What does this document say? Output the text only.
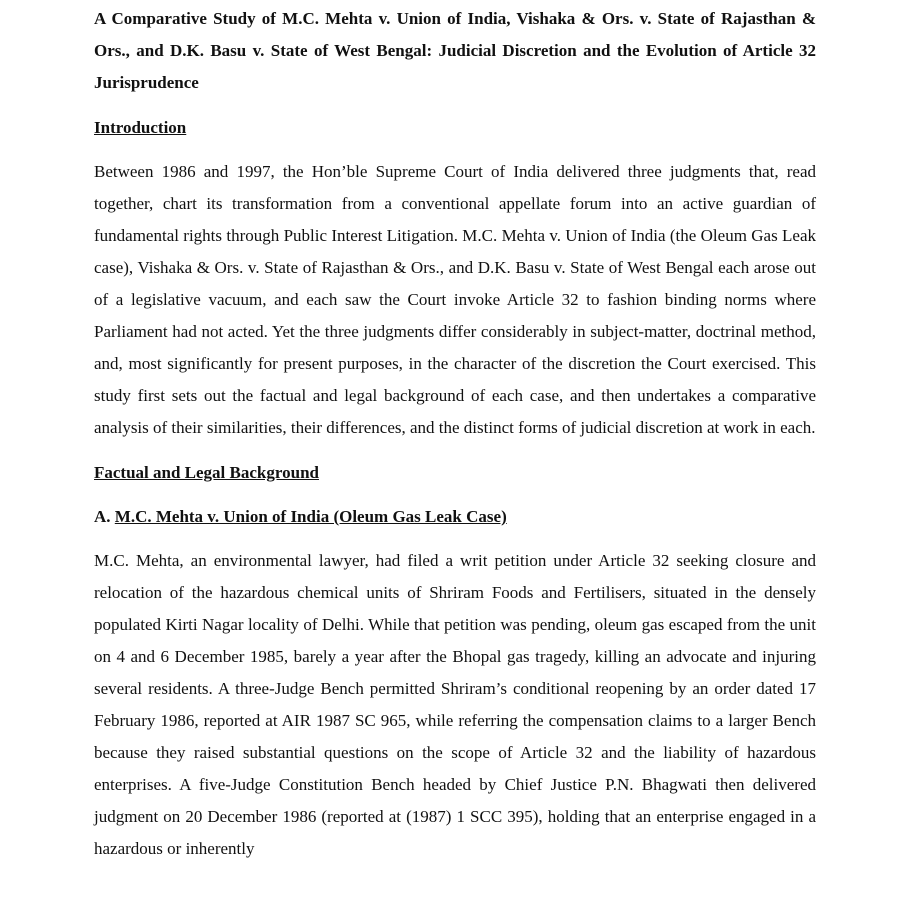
A Comparative Study of M.C. Mehta v. Union of India, Vishaka & Ors. v. State of Rajasthan & Ors., and D.K. Basu v. State of West Bengal: Judicial Discretion and the Evolution of Article 32 Jurisprudence
Introduction

Between 1986 and 1997, the Hon’ble Supreme Court of India delivered three judgments that, read together, chart its transformation from a conventional appellate forum into an active guardian of fundamental rights through Public Interest Litigation. M.C. Mehta v. Union of India (the Oleum Gas Leak case), Vishaka & Ors. v. State of Rajasthan & Ors., and D.K. Basu v. State of West Bengal each arose out of a legislative vacuum, and each saw the Court invoke Article 32 to fashion binding norms where Parliament had not acted. Yet the three judgments differ considerably in subject-matter, doctrinal method, and, most significantly for present purposes, in the character of the discretion the Court exercised. This study first sets out the factual and legal background of each case, and then undertakes a comparative analysis of their similarities, their differences, and the distinct forms of judicial discretion at work in each.

Factual and Legal Background
A. M.C. Mehta v. Union of India (Oleum Gas Leak Case)

M.C. Mehta, an environmental lawyer, had filed a writ petition under Article 32 seeking closure and relocation of the hazardous chemical units of Shriram Foods and Fertilisers, situated in the densely populated Kirti Nagar locality of Delhi. While that petition was pending, oleum gas escaped from the unit on 4 and 6 December 1985, barely a year after the Bhopal gas tragedy, killing an advocate and injuring several residents. A three-Judge Bench permitted Shriram’s conditional reopening by an order dated 17 February 1986, reported at AIR 1987 SC 965, while referring the compensation claims to a larger Bench because they raised substantial questions on the scope of Article 32 and the liability of hazardous enterprises. A five-Judge Constitution Bench headed by Chief Justice P.N. Bhagwati then delivered judgment on 20 December 1986 (reported at (1987) 1 SCC 395), holding that an enterprise engaged in a hazardous or inherently
